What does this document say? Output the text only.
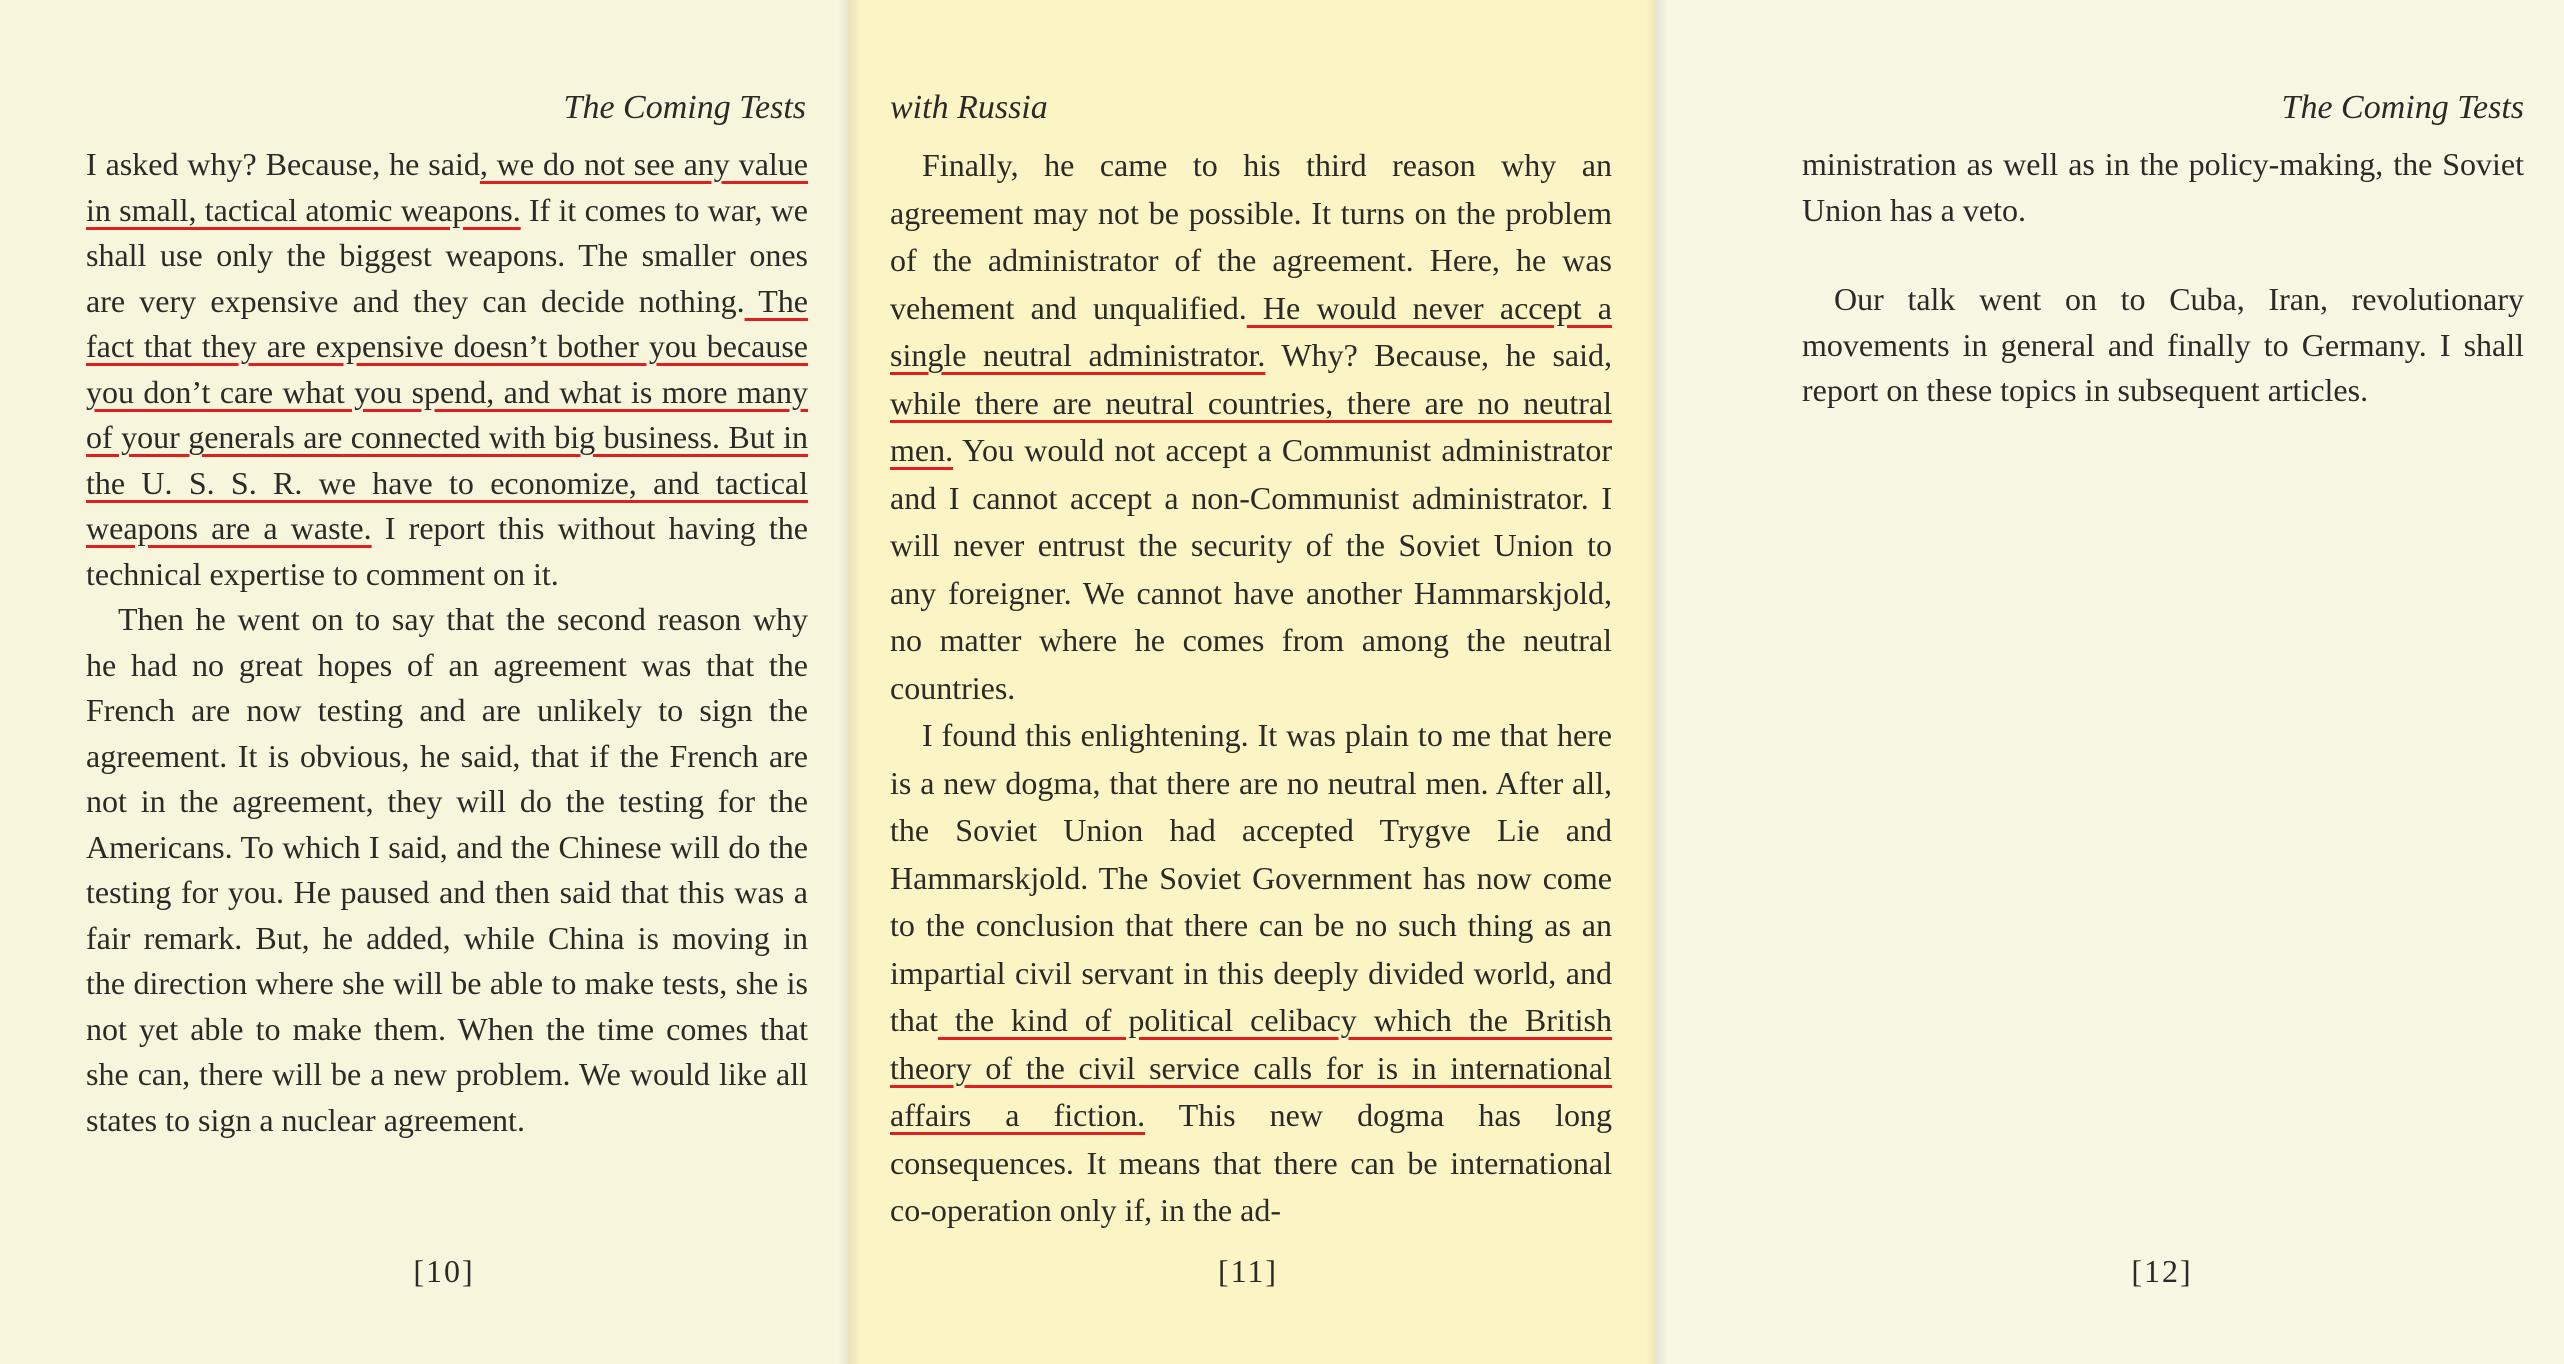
The Coming Tests

I asked why? Because, he said, we do not see any value in small, tactical atomic weapons. If it comes to war, we shall use only the biggest weapons. The smaller ones are very expensive and they can decide nothing. The fact that they are expensive doesn’t bother you because you don’t care what you spend, and what is more many of your generals are connected with big business. But in the U. S. S. R. we have to economize, and tactical weapons are a waste. I report this without having the technical expertise to comment on it.

Then he went on to say that the second reason why he had no great hopes of an agreement was that the French are now testing and are unlikely to sign the agreement. It is obvious, he said, that if the French are not in the agreement, they will do the testing for the Americans. To which I said, and the Chinese will do the testing for you. He paused and then said that this was a fair remark. But, he added, while China is moving in the direction where she will be able to make tests, she is not yet able to make them. When the time comes that she can, there will be a new problem. We would like all states to sign a nuclear agreement.

[10]
with Russia

Finally, he came to his third reason why an agreement may not be possible. It turns on the problem of the administrator of the agreement. Here, he was vehement and unqualified. He would never accept a single neutral administrator. Why? Because, he said, while there are neutral countries, there are no neutral men. You would not accept a Communist administrator and I cannot accept a non-Communist administrator. I will never entrust the security of the Soviet Union to any foreigner. We cannot have another Hammarskjold, no matter where he comes from among the neutral countries.

I found this enlightening. It was plain to me that here is a new dogma, that there are no neutral men. After all, the Soviet Union had accepted Trygve Lie and Hammarskjold. The Soviet Government has now come to the conclusion that there can be no such thing as an impartial civil servant in this deeply divided world, and that the kind of political celibacy which the British theory of the civil service calls for is in international affairs a fiction. This new dogma has long consequences. It means that there can be international co-operation only if, in the ad-

[11]
The Coming Tests

ministration as well as in the policy-making, the Soviet Union has a veto.

Our talk went on to Cuba, Iran, revolutionary movements in general and finally to Germany. I shall report on these topics in subsequent articles.

[12]
